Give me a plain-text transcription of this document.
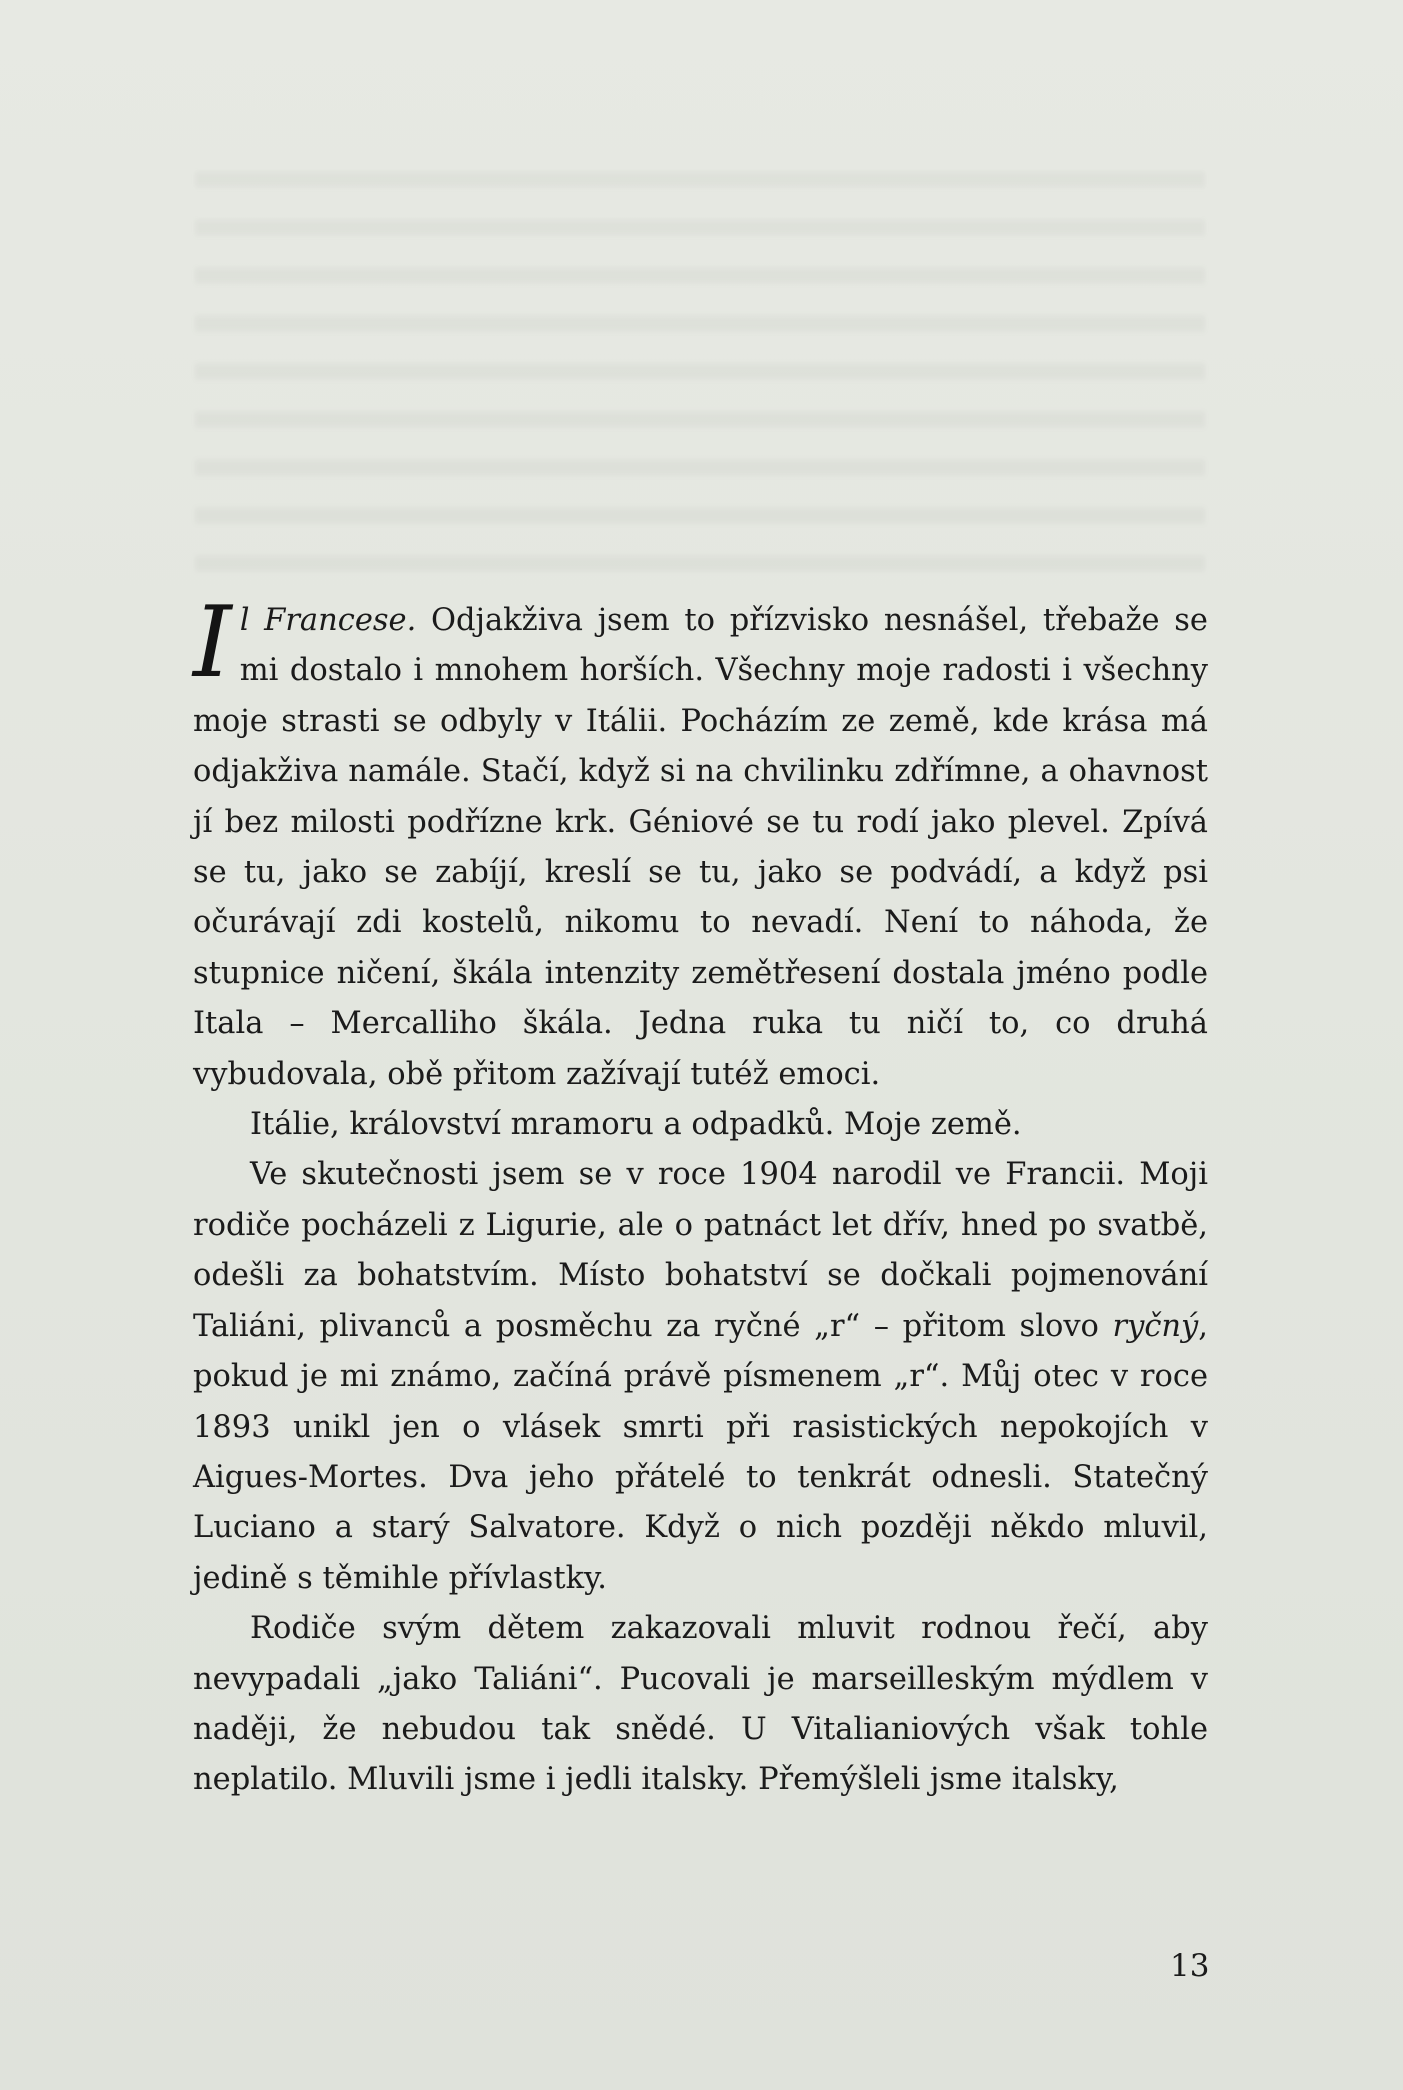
Il Francese. Odjakživa jsem to přízvisko nesnášel, třebaže se mi dostalo i mnohem horších. Všechny moje radosti i všechny moje strasti se odbyly v Itálii. Pocházím ze země, kde krása má odjakživa namále. Stačí, když si na chvilinku zdřímne, a ohavnost jí bez milosti podřízne krk. Géniové se tu rodí jako plevel. Zpívá se tu, jako se zabíjí, kreslí se tu, jako se podvádí, a když psi očurávají zdi kostelů, nikomu to nevadí. Není to náhoda, že stupnice ničení, škála intenzity zemětřesení dostala jméno podle Itala – Mercalliho škála. Jedna ruka tu ničí to, co druhá vybudovala, obě přitom zažívají tutéž emoci.

Itálie, království mramoru a odpadků. Moje země.

Ve skutečnosti jsem se v roce 1904 narodil ve Francii. Moji rodiče pocházeli z Ligurie, ale o patnáct let dřív, hned po svatbě, odešli za bohatstvím. Místo bohatství se dočkali pojmenování Taliáni, plivanců a posměchu za ryčné „r“ – přitom slovo ryčný, pokud je mi známo, začíná právě písmenem „r“. Můj otec v roce 1893 unikl jen o vlásek smrti při rasistických nepokojích v Aigues-Mortes. Dva jeho přátelé to tenkrát odnesli. Statečný Luciano a starý Salvatore. Když o nich později někdo mluvil, jedině s těmihle přívlastky.

Rodiče svým dětem zakazovali mluvit rodnou řečí, aby nevypadali „jako Taliáni“. Pucovali je marseilleským mýdlem v naději, že nebudou tak snědé. U Vitalianiových však tohle neplatilo. Mluvili jsme i jedli italsky. Přemýšleli jsme italsky,

13
